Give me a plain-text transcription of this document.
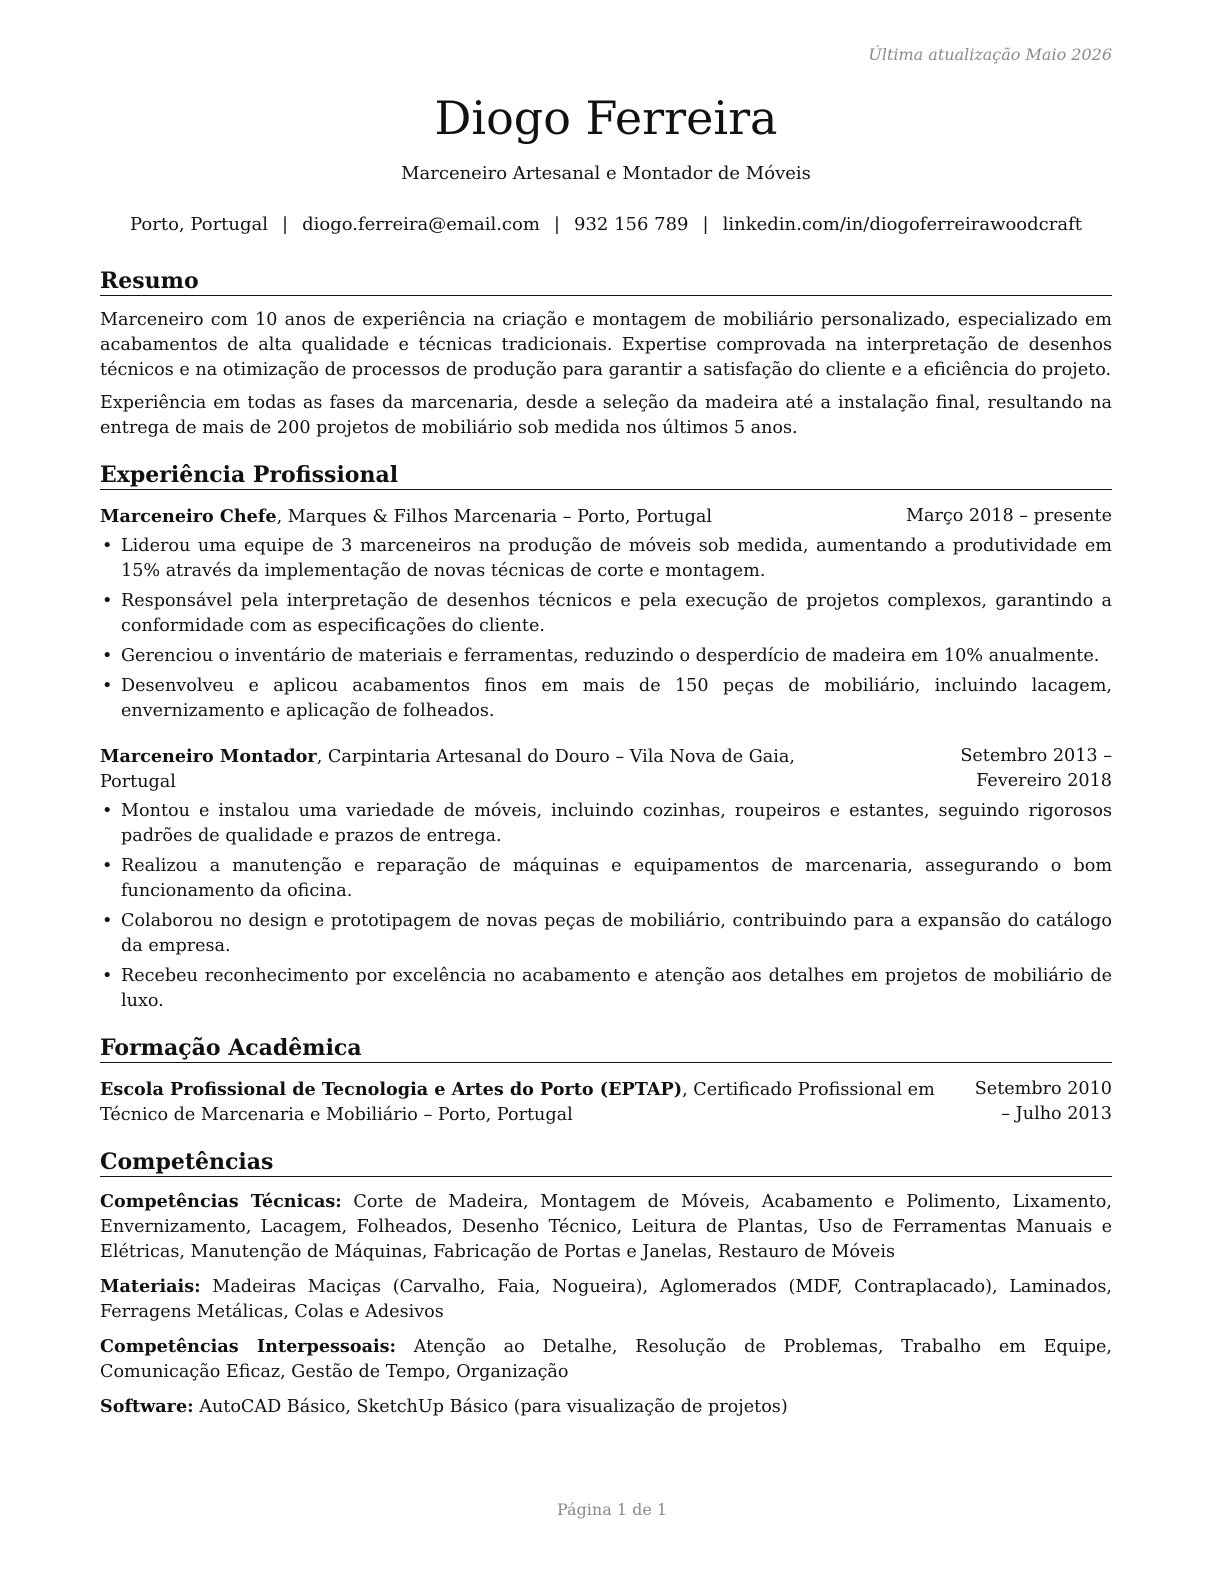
Última atualização Maio 2026
Diogo Ferreira
Marceneiro Artesanal e Montador de Móveis
Porto, Portugal | diogo.ferreira@email.com | 932 156 789 | linkedin.com/in/diogoferreirawoodcraft
Resumo

Marceneiro com 10 anos de experiência na criação e montagem de mobiliário personalizado, especializado em acabamentos de alta qualidade e técnicas tradicionais. Expertise comprovada na interpretação de desenhos técnicos e na otimização de processos de produção para garantir a satisfação do cliente e a eficiência do projeto.

Experiência em todas as fases da marcenaria, desde a seleção da madeira até a instalação final, resultando na entrega de mais de 200 projetos de mobiliário sob medida nos últimos 5 anos.

Experiência Profissional
Marceneiro Chefe, Marques & Filhos Marcenaria – Porto, Portugal	Março 2018 – presente
• Liderou uma equipe de 3 marceneiros na produção de móveis sob medida, aumentando a produtividade em 15% através da implementação de novas técnicas de corte e montagem.
• Responsável pela interpretação de desenhos técnicos e pela execução de projetos complexos, garantindo a conformidade com as especificações do cliente.
• Gerenciou o inventário de materiais e ferramentas, reduzindo o desperdício de madeira em 10% anualmente.
• Desenvolveu e aplicou acabamentos finos em mais de 150 peças de mobiliário, incluindo lacagem, envernizamento e aplicação de folheados.
Marceneiro Montador, Carpintaria Artesanal do Douro – Vila Nova de Gaia, Portugal
Setembro 2013 – Fevereiro 2018
• Montou e instalou uma variedade de móveis, incluindo cozinhas, roupeiros e estantes, seguindo rigorosos padrões de qualidade e prazos de entrega.
• Realizou a manutenção e reparação de máquinas e equipamentos de marcenaria, assegurando o bom funcionamento da oficina.
• Colaborou no design e prototipagem de novas peças de mobiliário, contribuindo para a expansão do catálogo da empresa.
• Recebeu reconhecimento por excelência no acabamento e atenção aos detalhes em projetos de mobiliário de luxo.
Formação Acadêmica
Escola Profissional de Tecnologia e Artes do Porto (EPTAP), Certificado Profissional em Técnico de Marcenaria e Mobiliário – Porto, Portugal
Setembro 2010 – Julho 2013
Competências

Competências Técnicas: Corte de Madeira, Montagem de Móveis, Acabamento e Polimento, Lixamento, Envernizamento, Lacagem, Folheados, Desenho Técnico, Leitura de Plantas, Uso de Ferramentas Manuais e Elétricas, Manutenção de Máquinas, Fabricação de Portas e Janelas, Restauro de Móveis

Materiais: Madeiras Maciças (Carvalho, Faia, Nogueira), Aglomerados (MDF, Contraplacado), Laminados, Ferragens Metálicas, Colas e Adesivos

Competências Interpessoais: Atenção ao Detalhe, Resolução de Problemas, Trabalho em Equipe, Comunicação Eficaz, Gestão de Tempo, Organização

Software: AutoCAD Básico, SketchUp Básico (para visualização de projetos)

Página 1 de 1
